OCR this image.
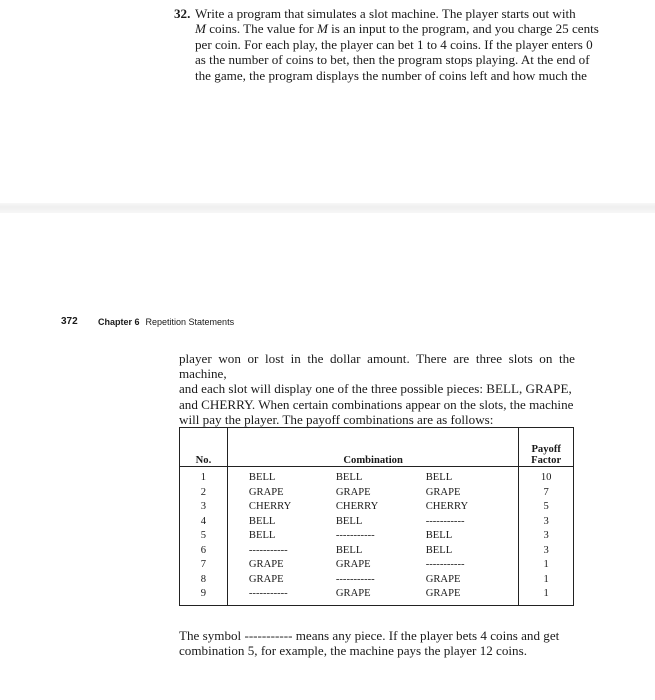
32. Write a program that simulates a slot machine. The player starts out with

M coins. The value for M is an input to the program, and you charge 25 cents

per coin. For each play, the player can bet 1 to 4 coins. If the player enters 0

as the number of coins to bet, then the program stops playing. At the end of

the game, the program displays the number of coins left and how much the

372 Chapter 6 Repetition Statements

player won or lost in the dollar amount. There are three slots on the machine,

and each slot will display one of the three possible pieces: BELL, GRAPE,

and CHERRY. When certain combinations appear on the slots, the machine

will pay the player. The payoff combinations are as follows:

No.	Combination			Payoff
Factor

1	BELL	BELL	BELL	10
2	GRAPE	GRAPE	GRAPE	7
3	CHERRY	CHERRY	CHERRY	5
4	BELL	BELL	-----------	3
5	BELL	-----------	BELL	3
6	-----------	BELL	BELL	3
7	GRAPE	GRAPE	-----------	1
8	GRAPE	-----------	GRAPE	1
9	-----------	GRAPE	GRAPE	1

The symbol ----------- means any piece. If the player bets 4 coins and get

combination 5, for example, the machine pays the player 12 coins.
